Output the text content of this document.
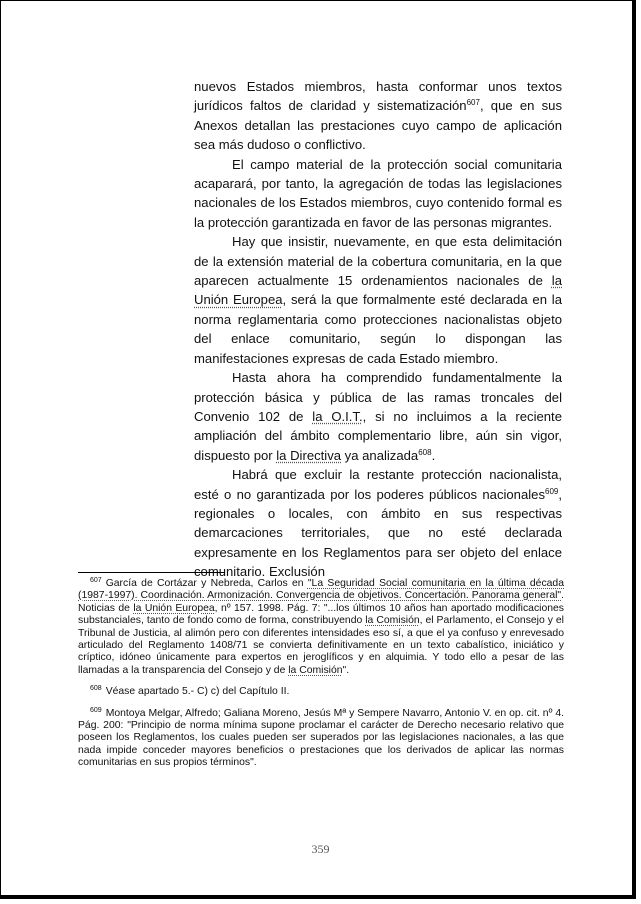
nuevos Estados miembros, hasta conformar unos textos jurídicos faltos de claridad y sistematización$^{607}$, que en sus Anexos detallan las prestaciones cuyo campo de aplicación sea más dudoso o conflictivo.

El campo material de la protección social comunitaria acaparará, por tanto, la agregación de todas las legislaciones nacionales de los Estados miembros, cuyo contenido formal es la protección garantizada en favor de las personas migrantes.

Hay que insistir, nuevamente, en que esta delimitación de la extensión material de la cobertura comunitaria, en la que aparecen actualmente 15 ordenamientos nacionales de la Unión Europea, será la que formalmente esté declarada en la norma reglamentaria como protecciones nacionalistas objeto del enlace comunitario, según lo dispongan las manifestaciones expresas de cada Estado miembro.

Hasta ahora ha comprendido fundamentalmente la protección básica y pública de las ramas troncales del Convenio 102 de la O.I.T., si no incluimos a la reciente ampliación del ámbito complementario libre, aún sin vigor, dispuesto por la Directiva ya analizada$^{608}$.

Habrá que excluir la restante protección nacionalista, esté o no garantizada por los poderes públicos nacionales$^{609}$, regionales o locales, con ámbito en sus respectivas demarcaciones territoriales, que no esté declarada expresamente en los Reglamentos para ser objeto del enlace comunitario. Exclusión

$^{607}$ García de Cortázar y Nebreda, Carlos en "La Seguridad Social comunitaria en la última década (1987-1997). Coordinación. Armonización. Convergencia de objetivos. Concertación. Panorama general". Noticias de la Unión Europea, nº 157. 1998. Pág. 7: "...los últimos 10 años han aportado modificaciones substanciales, tanto de fondo como de forma, constribuyendo la Comisión, el Parlamento, el Consejo y el Tribunal de Justicia, al alimón pero con diferentes intensidades eso sí, a que el ya confuso y enrevesado articulado del Reglamento 1408/71 se convierta definitivamente en un texto cabalístico, iniciático y críptico, idóneo únicamente para expertos en jeroglíficos y en alquimia. Y todo ello a pesar de las llamadas a la transparencia del Consejo y de la Comisión".

$^{608}$ Véase apartado 5.- C) c) del Capítulo II.

$^{609}$ Montoya Melgar, Alfredo; Galiana Moreno, Jesús Mª y Sempere Navarro, Antonio V. en op. cit. nº 4. Pág. 200: "Principio de norma mínima supone proclamar el carácter de Derecho necesario relativo que poseen los Reglamentos, los cuales pueden ser superados por las legislaciones nacionales, a las que nada impide conceder mayores beneficios o prestaciones que los derivados de aplicar las normas comunitarias en sus propios términos".

359
